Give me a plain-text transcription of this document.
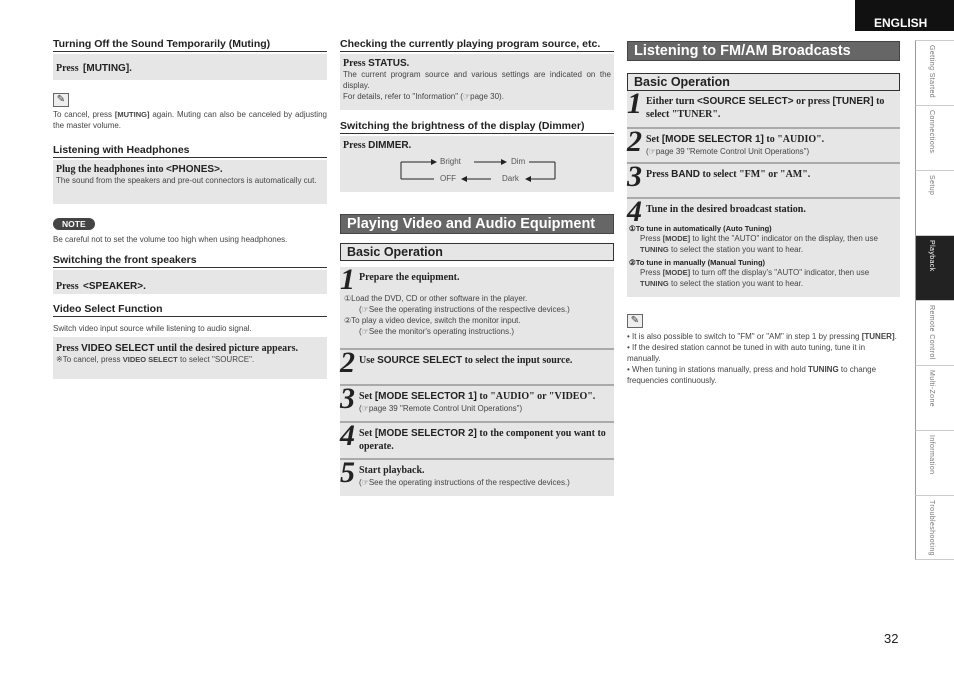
ENGLISH
Getting Started
Connections
Setup
Playback
Remote Control
Multi-Zone
Information
Troubleshooting
32
Turning Off the Sound Temporarily (Muting)
Press [MUTING].
✎
To cancel, press [MUTING] again. Muting can also be canceled by adjusting the master volume.
Listening with Headphones
Plug the headphones into <PHONES>.
The sound from the speakers and pre-out connectors is automatically cut.
NOTE
Be careful not to set the volume too high when using headphones.
Switching the front speakers
Press <SPEAKER>.
Video Select Function
Switch video input source while listening to audio signal.
Press VIDEO SELECT until the desired picture appears.
※To cancel, press VIDEO SELECT to select "SOURCE".
Checking the currently playing program source, etc.
Press STATUS.
The current program source and various settings are indicated on the display.
For details, refer to "Information" (☞page 30).
Switching the brightness of the display (Dimmer)
Press DIMMER.
Bright	Dim
OFF	Dark
Playing Video and Audio Equipment
Basic Operation
1 Prepare the equipment.
①Load the DVD, CD or other software in the player.
(☞See the operating instructions of the respective devices.)
②To play a video device, switch the monitor input.
(☞See the monitor's operating instructions.)
2 Use SOURCE SELECT to select the input source.
3 Set [MODE SELECTOR 1] to "AUDIO" or "VIDEO".
(☞page 39 "Remote Control Unit Operations")
4 Set [MODE SELECTOR 2] to the component you want to operate.
5 Start playback.
(☞See the operating instructions of the respective devices.)
Listening to FM/AM Broadcasts
Basic Operation
1 Either turn <SOURCE SELECT> or press [TUNER] to select "TUNER".
2 Set [MODE SELECTOR 1] to "AUDIO".
(☞page 39 "Remote Control Unit Operations")
3 Press BAND to select "FM" or "AM".
4 Tune in the desired broadcast station.
①To tune in automatically (Auto Tuning)
Press [MODE] to light the "AUTO" indicator on the display, then use TUNING to select the station you want to hear.
②To tune in manually (Manual Tuning)
Press [MODE] to turn off the display's "AUTO" indicator, then use TUNING to select the station you want to hear.
✎
• It is also possible to switch to "FM" or "AM" in step 1 by pressing [TUNER].
• If the desired station cannot be tuned in with auto tuning, tune it in manually.
• When tuning in stations manually, press and hold TUNING to change frequencies continuously.
